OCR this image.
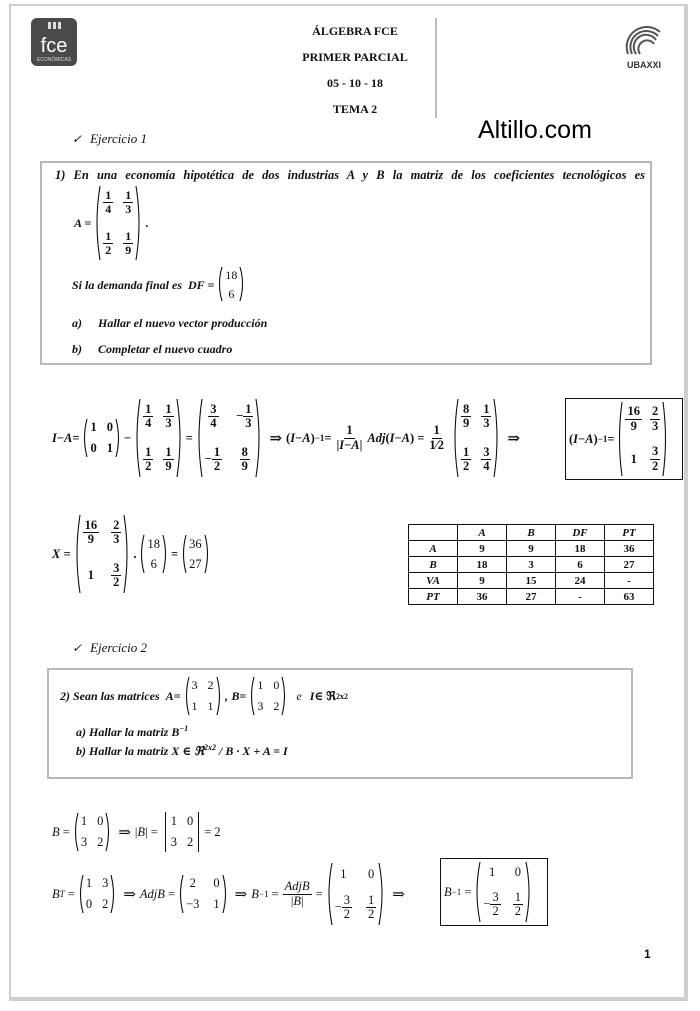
fce
ECONÓMICAS	UBAXXI
ÁLGEBRA FCE
PRIMER PARCIAL
05 - 10 - 18
TEMA 2
Altillo.com
✓ Ejercicio 1
1) En una economía hipotética de dos industrias A y B la matriz de los coeficientes tecnológicos es
A =
$\frac{1}{4} \frac{1}{3}$
$\frac{1}{2} \frac{1}{9}$
.
Si la demanda final es DF =
18
6
a) Hallar el nuevo vector producción
b) Completar el nuevo cuadro
I − A =
1 0
0 1
−
$\frac{1}{4} \frac{1}{3}$
$\frac{1}{2} \frac{1}{9}$
=
$\frac{3}{4} - \frac{1}{3}$
− $\frac{1}{2} \frac{8}{9}$
⇒ ( I − A ) $-1 = \frac{1}{|I-A|}$ Adj ( I − A ) = $\frac{1}{1⁄2}$
$\frac{8}{9} \frac{1}{3}$
$\frac{1}{2} \frac{3}{4}$
⇒	( I − A ) −1 =
$\frac{16}{9} \frac{2}{3}$
$1 \frac{3}{2}$
X =
$\frac{16}{9} \frac{2}{3}$
$1 \frac{3}{2}$
.
18
6
=
36
27
	A	B	DF	PT
A	9	9	18	36
B	18	3	6	27
VA	9	15	24	-
PT	36	27	-	63
✓ Ejercicio 2
2) Sean las matrices A =
3 2
1 1
, B =
1 0
3 2
e I ∈ ℜ 2x2
a) Hallar la matriz $B^{-1}$
b) Hallar la matriz X ∈ ℜ$^{2x2}$ / B · X + A = I
B =
1 0
3 2
⇒ | B | =
1 0
3 2
= 2
B T =
1 3
0 2
⇒ AdjB =
2 0
−3 1
⇒ $B -1 = \frac{\text{AdjB}}{|B|}$ =
1 0
− $\frac{3}{2} \frac{1}{2}$ ⇒	B −1 =
1 0
− $\frac{3}{2} \frac{1}{2}$
1
